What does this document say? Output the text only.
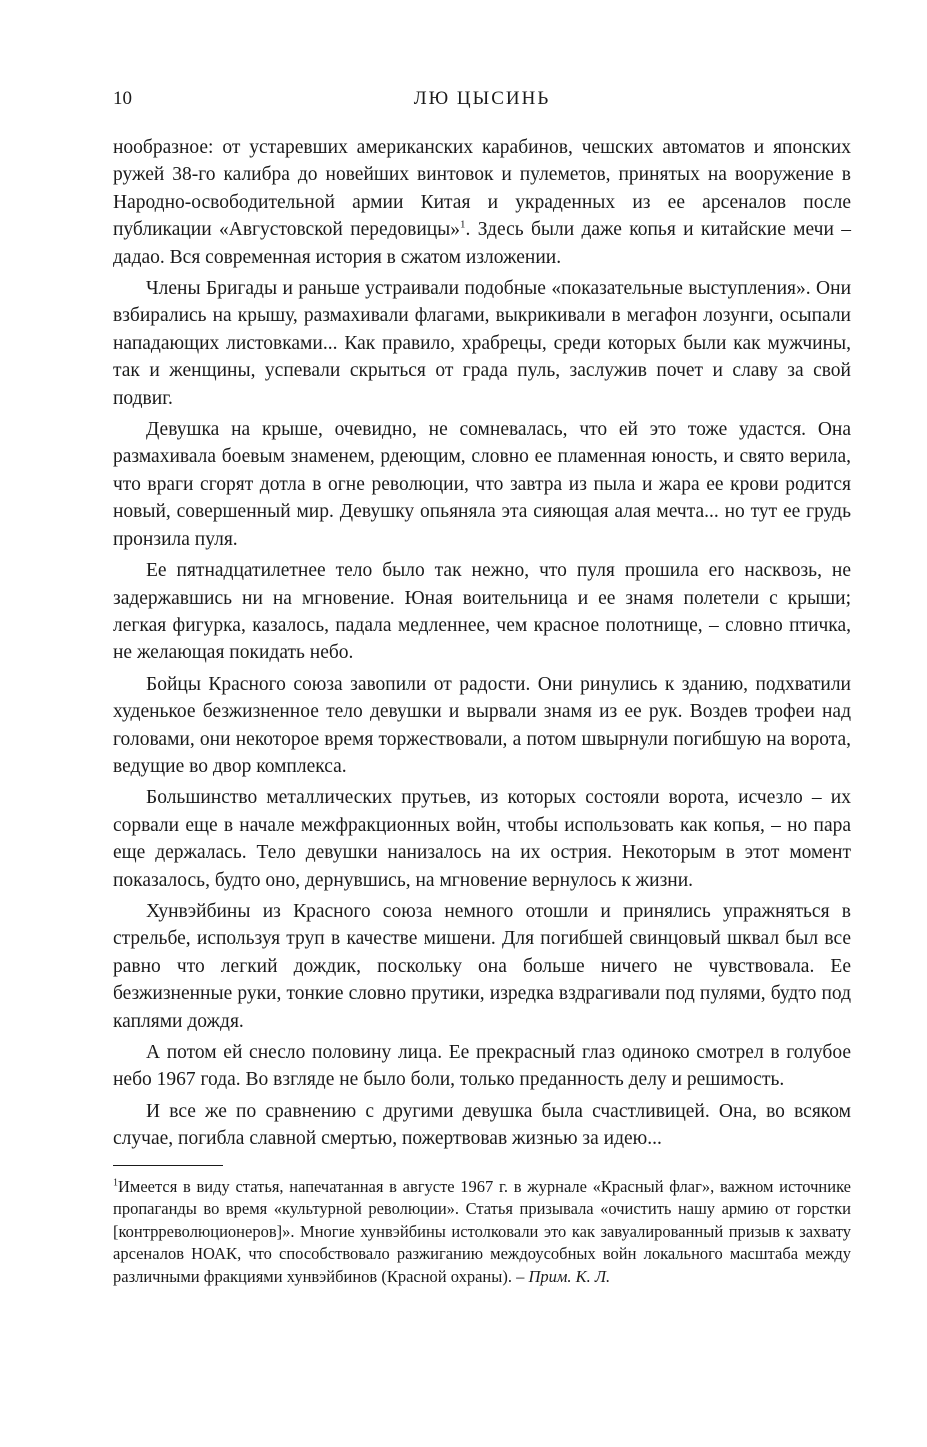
10	ЛЮ ЦЫСИНЬ

нообразное: от устаревших американских карабинов, чешских автоматов и японских ружей 38-го калибра до новейших винтовок и пулеметов, принятых на вооружение в Народно-освободительной армии Китая и украденных из ее арсеналов после публикации «Августовской передовицы»$^1$. Здесь были даже копья и китайские мечи – дадао. Вся современная история в сжатом изложении.

Члены Бригады и раньше устраивали подобные «показательные выступления». Они взбирались на крышу, размахивали флагами, выкрикивали в мегафон лозунги, осыпали нападающих листовками... Как правило, храбрецы, среди которых были как мужчины, так и женщины, успевали скрыться от града пуль, заслужив почет и славу за свой подвиг.

Девушка на крыше, очевидно, не сомневалась, что ей это тоже удастся. Она размахивала боевым знаменем, рдеющим, словно ее пламенная юность, и свято верила, что враги сгорят дотла в огне революции, что завтра из пыла и жара ее крови родится новый, совершенный мир. Девушку опьяняла эта сияющая алая мечта... но тут ее грудь пронзила пуля.

Ее пятнадцатилетнее тело было так нежно, что пуля прошила его насквозь, не задержавшись ни на мгновение. Юная воительница и ее знамя полетели с крыши; легкая фигурка, казалось, падала медленнее, чем красное полотнище, – словно птичка, не желающая покидать небо.

Бойцы Красного союза завопили от радости. Они ринулись к зданию, подхватили худенькое безжизненное тело девушки и вырвали знамя из ее рук. Воздев трофеи над головами, они некоторое время торжествовали, а потом швырнули погибшую на ворота, ведущие во двор комплекса.

Большинство металлических прутьев, из которых состояли ворота, исчезло – их сорвали еще в начале межфракционных войн, чтобы использовать как копья, – но пара еще держалась. Тело девушки нанизалось на их острия. Некоторым в этот момент показалось, будто оно, дернувшись, на мгновение вернулось к жизни.

Хунвэйбины из Красного союза немного отошли и принялись упражняться в стрельбе, используя труп в качестве мишени. Для погибшей свинцовый шквал был все равно что легкий дождик, поскольку она больше ничего не чувствовала. Ее безжизненные руки, тонкие словно прутики, изредка вздрагивали под пулями, будто под каплями дождя.

А потом ей снесло половину лица. Ее прекрасный глаз одиноко смотрел в голубое небо 1967 года. Во взгляде не было боли, только преданность делу и решимость.

И все же по сравнению с другими девушка была счастливицей. Она, во всяком случае, погибла славной смертью, пожертвовав жизнью за идею...

$^1$Имеется в виду статья, напечатанная в августе 1967 г. в журнале «Красный флаг», важном источнике пропаганды во время «культурной революции». Статья призывала «очистить нашу армию от горстки [контрреволюционеров]». Многие хунвэйбины истолковали это как завуалированный призыв к захвату арсеналов НОАК, что способствовало разжиганию междоусобных войн локального масштаба между различными фракциями хунвэйбинов (Красной охраны). – Прим. К. Л.
